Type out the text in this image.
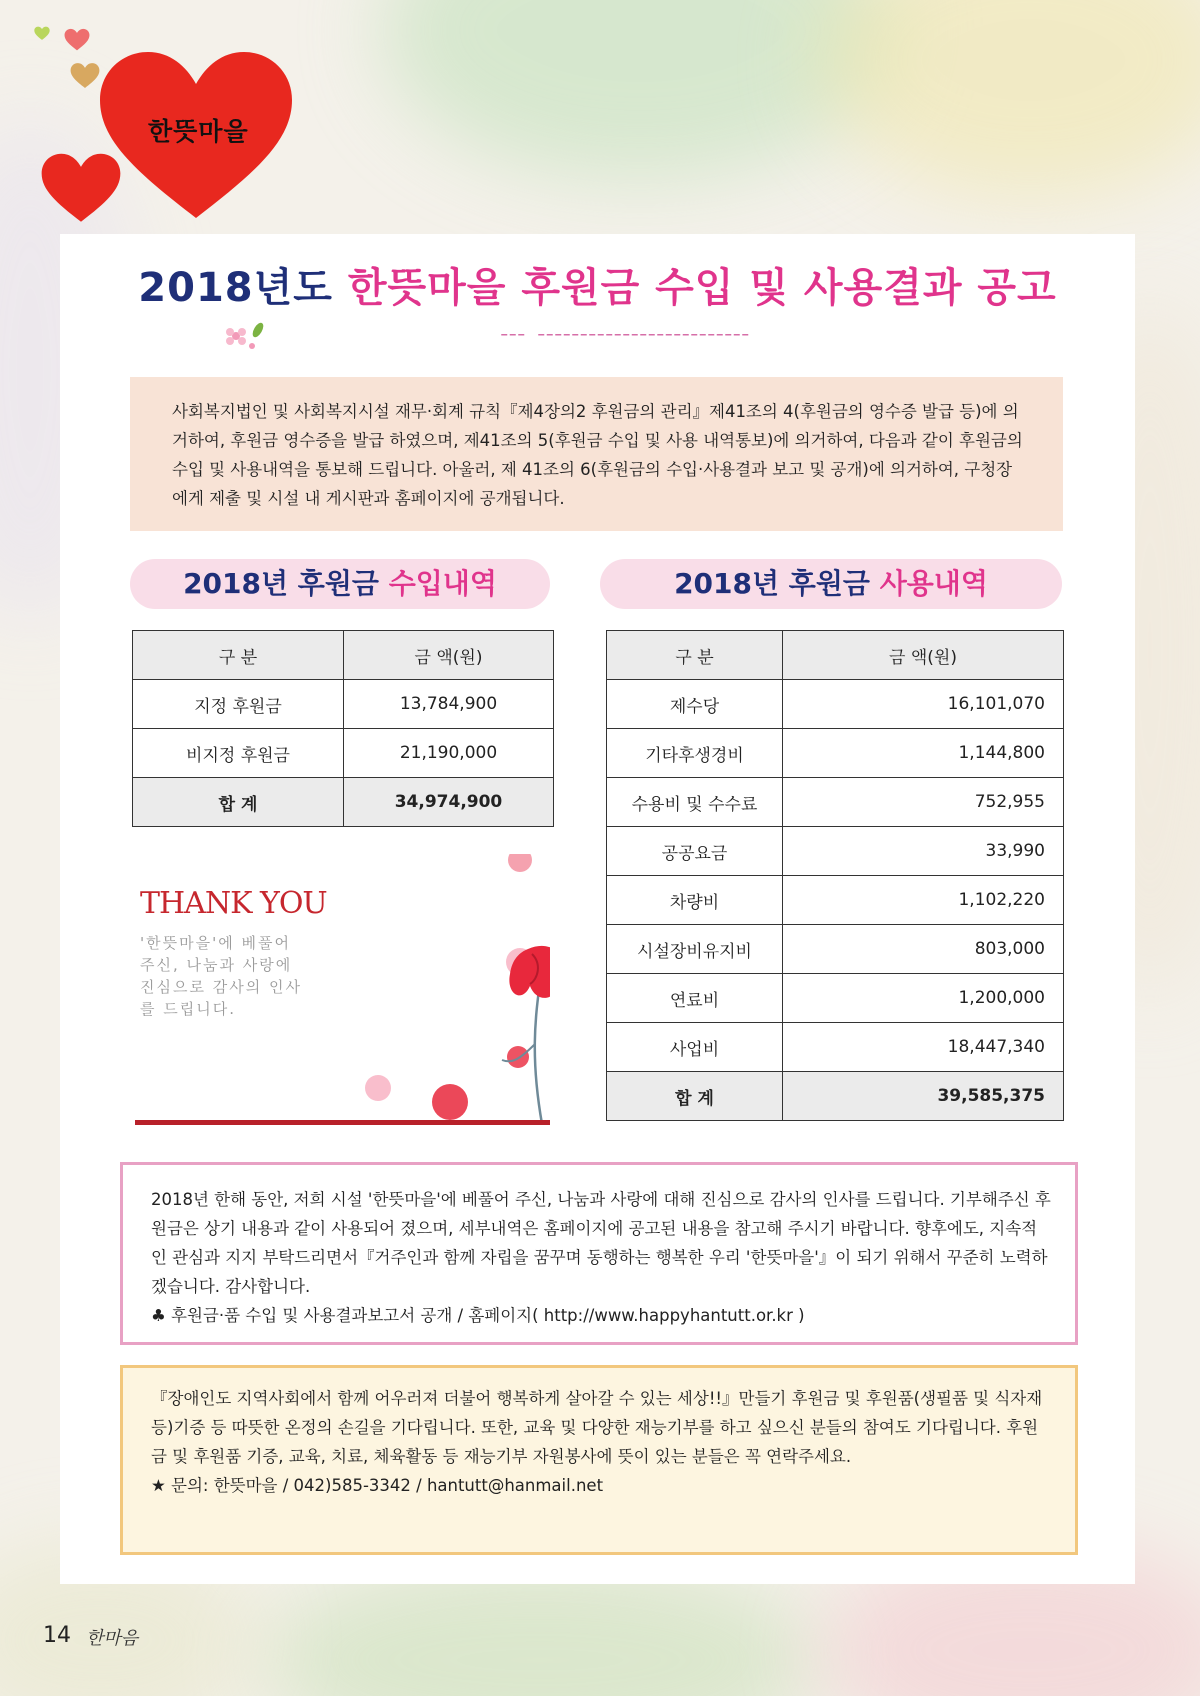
한뜻마을
2018년도 한뜻마을 후원금 수입 및 사용결과 공고
사회복지법인 및 사회복지시설 재무·회계 규칙『제4장의2 후원금의 관리』제41조의 4(후원금의 영수증 발급 등)에 의거하여, 후원금 영수증을 발급 하였으며, 제41조의 5(후원금 수입 및 사용 내역통보)에 의거하여, 다음과 같이 후원금의 수입 및 사용내역을 통보해 드립니다. 아울러, 제 41조의 6(후원금의 수입·사용결과 보고 및 공개)에 의거하여, 구청장에게 제출 및 시설 내 게시판과 홈페이지에 공개됩니다.
2018년 후원금 수입내역	2018년 후원금 사용내역
구 분	금 액(원)
지정 후원금	13,784,900
비지정 후원금	21,190,000
합 계	34,974,900
구 분	금 액(원)
제수당	16,101,070
기타후생경비	1,144,800
수용비 및 수수료	752,955
공공요금	33,990
차량비	1,102,220
시설장비유지비	803,000
연료비	1,200,000
사업비	18,447,340
합 계	39,585,375
THANK YOU
'한뜻마을'에 베풀어 주신, 나눔과 사랑에 진심으로 감사의 인사를 드립니다.
2018년 한해 동안, 저희 시설 '한뜻마을'에 베풀어 주신, 나눔과 사랑에 대해 진심으로 감사의 인사를 드립니다. 기부해주신 후원금은 상기 내용과 같이 사용되어 졌으며, 세부내역은 홈페이지에 공고된 내용을 참고해 주시기 바랍니다. 향후에도, 지속적인 관심과 지지 부탁드리면서『거주인과 함께 자립을 꿈꾸며 동행하는 행복한 우리 '한뜻마을'』이 되기 위해서 꾸준히 노력하겠습니다. 감사합니다.
♣ 후원금·품 수입 및 사용결과보고서 공개 / 홈페이지( http://www.happyhantutt.or.kr )
『장애인도 지역사회에서 함께 어우러져 더불어 행복하게 살아갈 수 있는 세상!!』만들기 후원금 및 후원품(생필품 및 식자재 등)기증 등 따뜻한 온정의 손길을 기다립니다. 또한, 교육 및 다양한 재능기부를 하고 싶으신 분들의 참여도 기다립니다. 후원금 및 후원품 기증, 교육, 치료, 체육활동 등 재능기부 자원봉사에 뜻이 있는 분들은 꼭 연락주세요.
★ 문의: 한뜻마을 / 042)585-3342 / hantutt@hanmail.net
14 한마음
